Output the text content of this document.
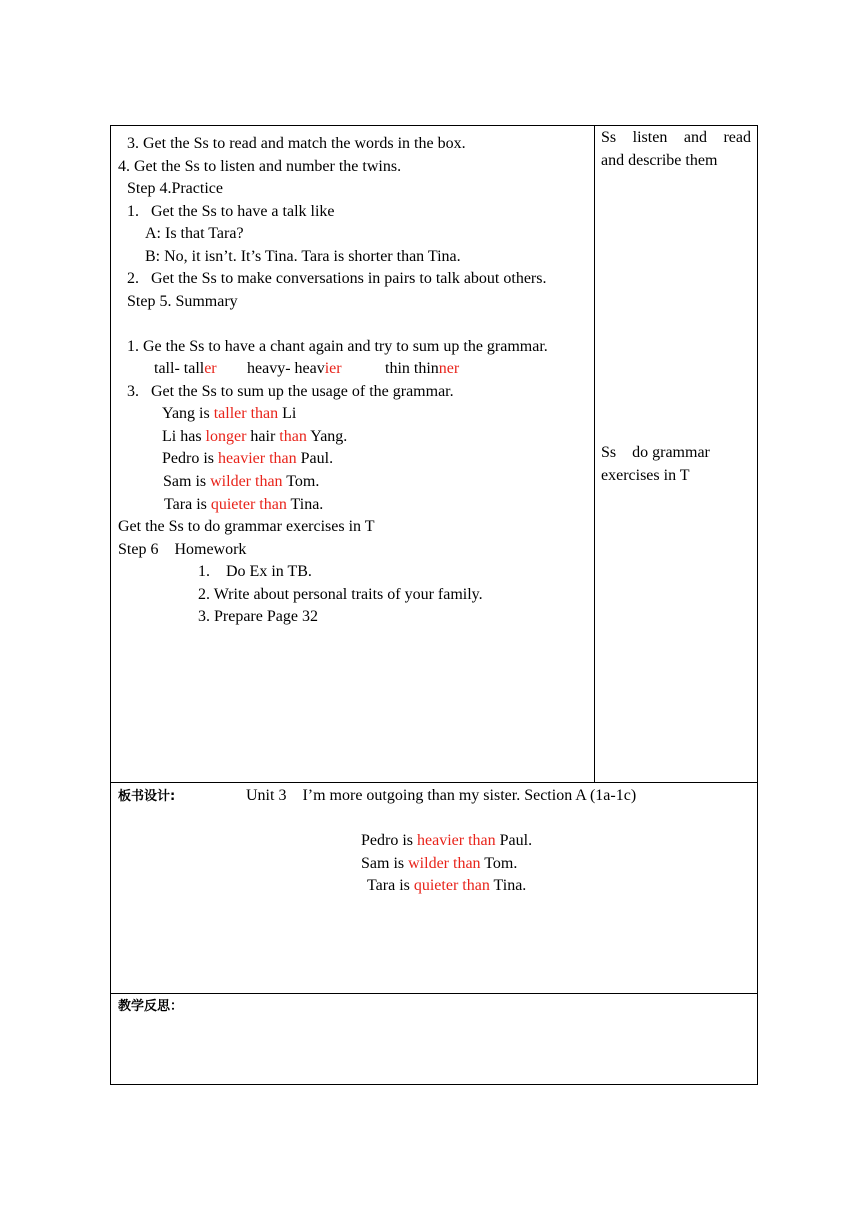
3. Get the Ss to read and match the words in the box.
4. Get the Ss to listen and number the twins.
Step 4.Practice
1.   Get the Ss to have a talk like
A: Is that Tara?
B: No, it isn’t. It’s Tina. Tara is shorter than Tina.
2.   Get the Ss to make conversations in pairs to talk about others.
Step 5. Summary
1. Ge the Ss to have a chant again and try to sum up the grammar.
tall- taller heavy- heavier	thin thinner
3.   Get the Ss to sum up the usage of the grammar.
Yang is taller than Li
Li has longer hair than Yang.
Pedro is heavier than Paul.
Sam is wilder than Tom.
Tara is quieter than Tina.
Get the Ss to do grammar exercises in T
Step 6    Homework
1.    Do Ex in TB.
2. Write about personal traits of your family.
3. Prepare Page 32
Ss listen and read
and describe them
Ss    do grammar
exercises in T
板书设计:	Unit 3    I’m more outgoing than my sister. Section A (1a-1c)
Pedro is heavier than Paul.
Sam is wilder than Tom.
Tara is quieter than Tina.
教学反思：
